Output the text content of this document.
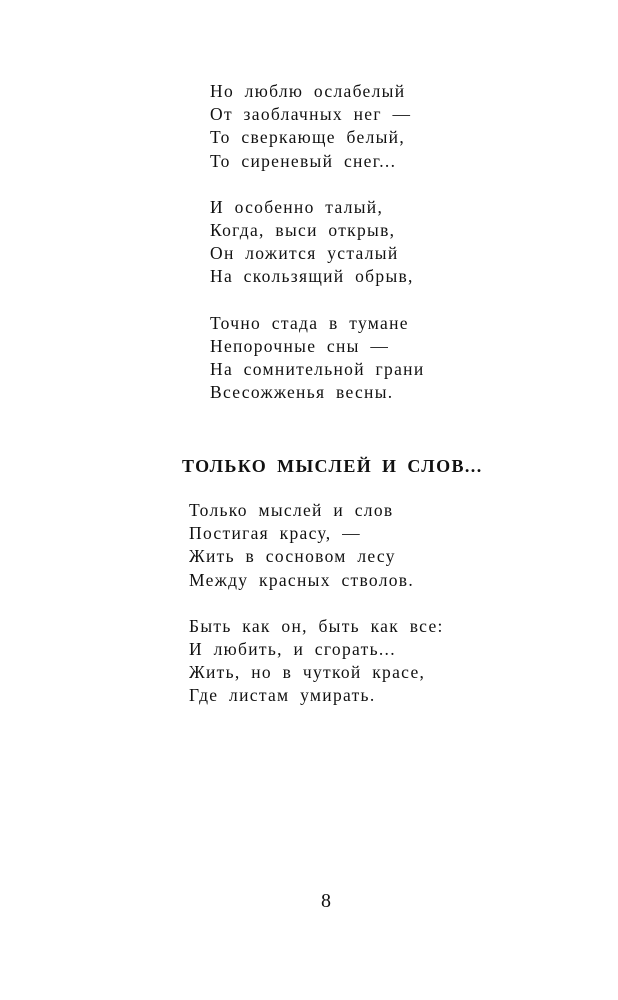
Но люблю ослабелый
От заоблачных нег —
То сверкающе белый,
То сиреневый снег...
И особенно талый,
Когда, выси открыв,
Он ложится усталый
На скользящий обрыв,
Точно стада в тумане
Непорочные сны —
На сомнительной грани
Всесожженья весны.
ТОЛЬКО МЫСЛЕЙ И СЛОВ...
Только мыслей и слов
Постигая красу, —
Жить в сосновом лесу
Между красных стволов.
Быть как он, быть как все:
И любить, и сгорать...
Жить, но в чуткой красе,
Где листам умирать.
8
